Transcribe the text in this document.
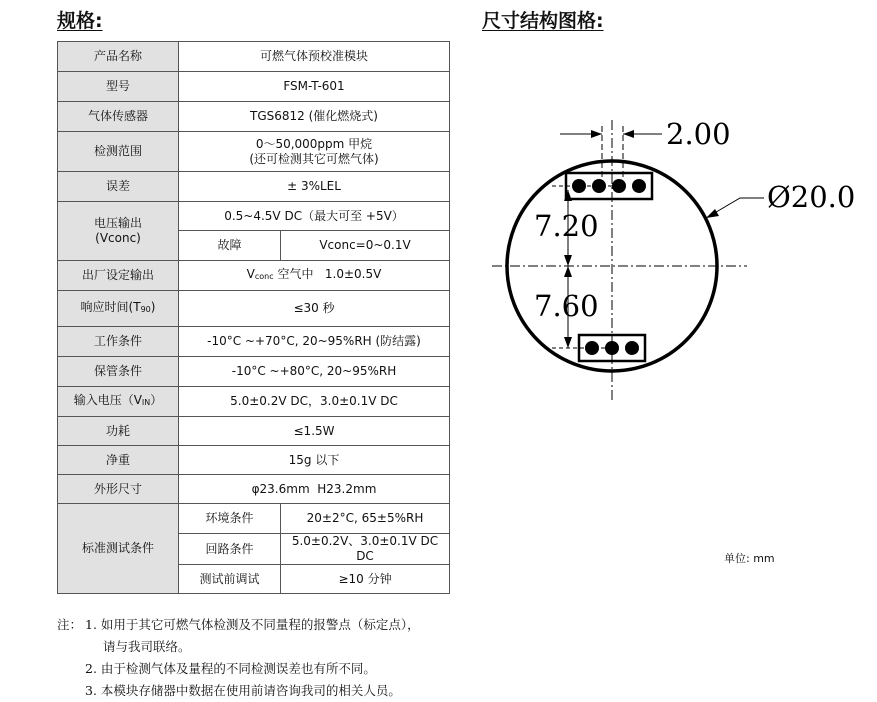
规格:	尺寸结构图格:
产品名称	可燃气体预校准模块	
型号	FSM-T-601	
气体传感器	TGS6812 (催化燃烧式)	
检测范围	0～50,000ppm 甲烷
(还可检测其它可燃气体)	

误差	± 3%LEL	

电压输出
(Vconc)	0.5~4.5V DC（最大可至 +5V）	
	故障	Vconc=0~0.1V
出厂设定输出	Vconc 空气中   1.0±0.5V	
响应时间(T90)	≤30 秒	
工作条件	-10°C ~+70°C, 20~95%RH (防结露)	
保管条件	-10°C ~+80°C, 20~95%RH	
输入电压（VIN）	5.0±0.2V DC，3.0±0.1V DC	
功耗	≤1.5W	
净重	15g 以下	
外形尺寸	φ23.6mm  H23.2mm	
标准测试条件	环境条件	20±2°C, 65±5%RH
	回路条件	5.0±0.2V、3.0±0.1V DC DC
	测试前调试	≥10 分钟
2.00
Ø20.0
7.20
7.60
单位: mm
注： 1. 如用于其它可燃气体检测及不同量程的报警点（标定点），
请与我司联络。
2. 由于检测气体及量程的不同检测误差也有所不同。
3. 本模块存储器中数据在使用前请咨询我司的相关人员。
